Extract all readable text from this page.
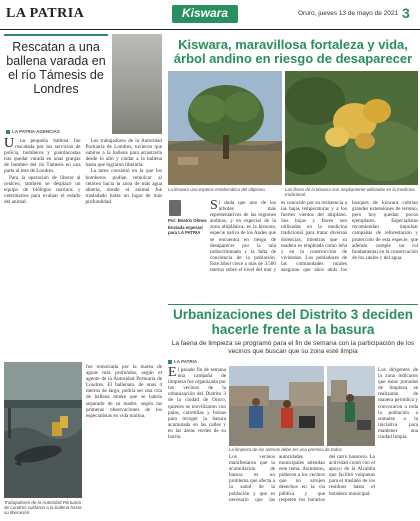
LA PATRIA	Kiswara	Oruro, jueves 13 de mayo de 2021 3
Rescatan a una ballena varada en el río Támesis de Londres
LA PATRIA AGENCIAS
U	na pequeña ballena fue rescatada por los servicios de policía, bomberos y guardacostas tras quedar varada en unas granjas de bombeo del río Támesis en una parte al este de Londres.

Para la operación de liberar al cetáceo, también se desplazó un equipo de biólogos marinos y veterinarios para evaluar el estado del animal.

Los trabajadores de la Autoridad Portuaria de Londres, tuvieron que subirse a la ballena para arrastrarla desde lo alto y ciudar a la ballena hasta que lograron liberarla.

La tarea consistió en la que los bomberos podían remolcar al cetáceo hacia la zona de más agua abierta, donde el animal fue trasladado hasta un lugar de más profundidad.

Trabajadores de la Autoridad Portuaria de Londres cuidaron a la ballena hasta su liberación.
fue remolcada por la marea de aguas más profundas, según el agente de la Autoridad Portuaria de Londres. El ballenato, de unos 4 metros de largo, podría ser una cría de ballena minke que se habría separado de su madre, según las primeras observaciones de los especialistas en vida marina.
Kiswara, maravillosa fortaleza y vida, árbol andino en riesgo de desaparecer
La kiswara una especie emblemática del altiplano.	Las flores de la kiswara son ampliamente utilizadas en la medicina tradicional.
Por: Beatriz Olmos
Enviada especial para LA PATRIA
S i duda que uno de los árboles más representativos de las regiones andinas, y en especial de la zona altiplánica, es la kiswara, especie nativa de los Andes que se encuentra en riesgo de desaparecer por la tala indiscriminada y la falta de conciencia de la población. Este árbol crece a más de 3.500 metros sobre el nivel del mar y es conocido por su resistencia a las bajas temperaturas y a los fuertes vientos del altiplano. Sus hojas y flores son utilizadas en la medicina tradicional para tratar diversas dolencias, mientras que su madera es empleada como leña y en la construcción de viviendas. Los pobladores de las comunidades rurales aseguran que años atrás los bosques de kiswara cubrían grandes extensiones de terreno, pero hoy quedan pocos ejemplares. Especialistas recomiendan impulsar campañas de reforestación y protección de esta especie, que además cumple un rol fundamental en la conservación de los suelos y del agua.
Urbanizaciones del Distrito 3 deciden hacerle frente a la basura
La faena de limpieza se programó para el fin de semana con la participación de los vecinos que buscan que su zona esté limpia
LA PATRIA
E l pasado fin de semana una campaña de limpieza fue organizada por los vecinos de la urbanización del Distrito 3 de la ciudad de Oruro, quienes se movilizaron con palas, carretillas y bolsas para recoger la basura acumulada en las calles y en las áreas verdes de su barrio.
La limpieza de las arterias debe ser una premisa de todos.
Los vecinos manifestaron que la acumulación de basura es un problema que afecta a la salud de la población y que es necesario que las autoridades municipales atiendan este tema. Asimismo, pidieron a los vecinos que no arrojen desechos en la vía pública y que respeten los horarios del carro basurero. La actividad contó con el apoyo de la Alcaldía que facilitó volquetas para el traslado de los residuos hasta el botadero municipal.
Los dirigentes de la zona indicaron que estas jornadas de limpieza se realizarán de manera periódica y convocaron a toda la población a sumarse a la iniciativa para mantener una ciudad limpia.
